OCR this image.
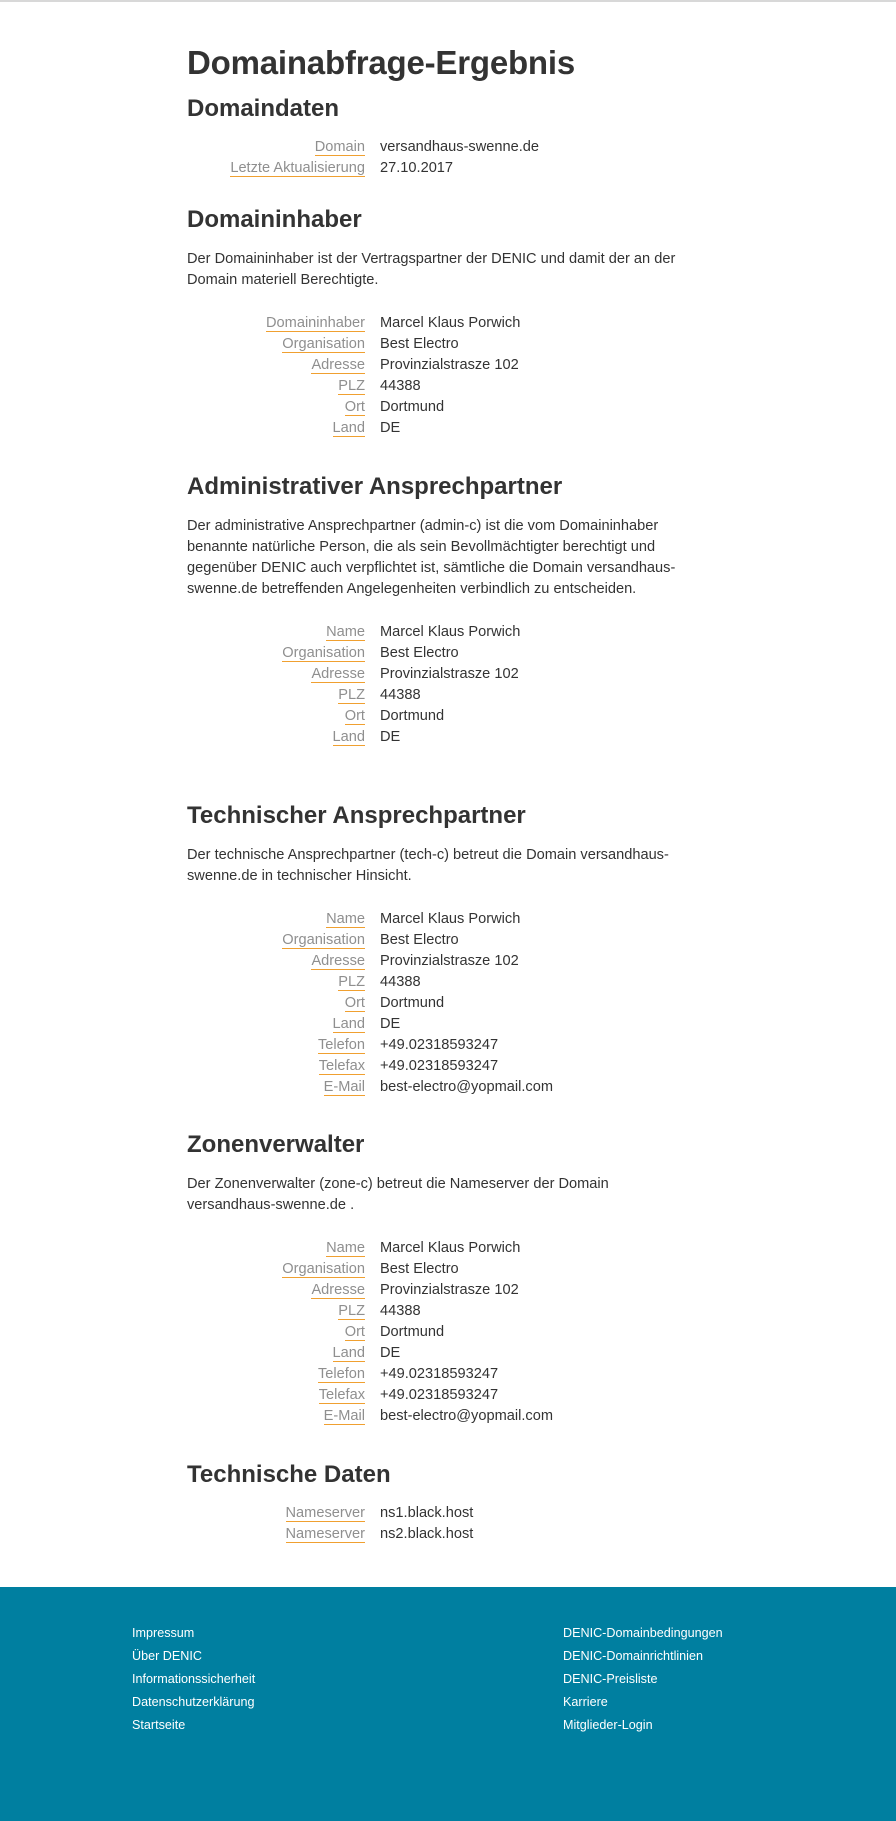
Domainabfrage-Ergebnis
Domaindaten
Domain	versandhaus-swenne.de
Letzte Aktualisierung	27.10.2017
Domaininhaber

Der Domaininhaber ist der Vertragspartner der DENIC und damit der an der Domain materiell Berechtigte.

Domaininhaber	Marcel Klaus Porwich
Organisation	Best Electro
Adresse	Provinzialstrasze 102
PLZ	44388
Ort	Dortmund
Land	DE
Administrativer Ansprechpartner

Der administrative Ansprechpartner (admin-c) ist die vom Domaininhaber benannte natürliche Person, die als sein Bevollmächtigter berechtigt und gegenüber DENIC auch verpflichtet ist, sämtliche die Domain versandhaus-swenne.de betreffenden Angelegenheiten verbindlich zu entscheiden.

Name	Marcel Klaus Porwich
Organisation	Best Electro
Adresse	Provinzialstrasze 102
PLZ	44388
Ort	Dortmund
Land	DE
Technischer Ansprechpartner

Der technische Ansprechpartner (tech-c) betreut die Domain versandhaus-swenne.de in technischer Hinsicht.

Name	Marcel Klaus Porwich
Organisation	Best Electro
Adresse	Provinzialstrasze 102
PLZ	44388
Ort	Dortmund
Land	DE
Telefon	+49.02318593247
Telefax	+49.02318593247
E-Mail	best-electro@yopmail.com
Zonenverwalter

Der Zonenverwalter (zone-c) betreut die Nameserver der Domain versandhaus-swenne.de .

Name	Marcel Klaus Porwich
Organisation	Best Electro
Adresse	Provinzialstrasze 102
PLZ	44388
Ort	Dortmund
Land	DE
Telefon	+49.02318593247
Telefax	+49.02318593247
E-Mail	best-electro@yopmail.com
Technische Daten
Nameserver	ns1.black.host
Nameserver	ns2.black.host
Impressum
Über DENIC
Informationssicherheit
Datenschutzerklärung
Startseite
DENIC-Domainbedingungen
DENIC-Domainrichtlinien
DENIC-Preisliste
Karriere
Mitglieder-Login
